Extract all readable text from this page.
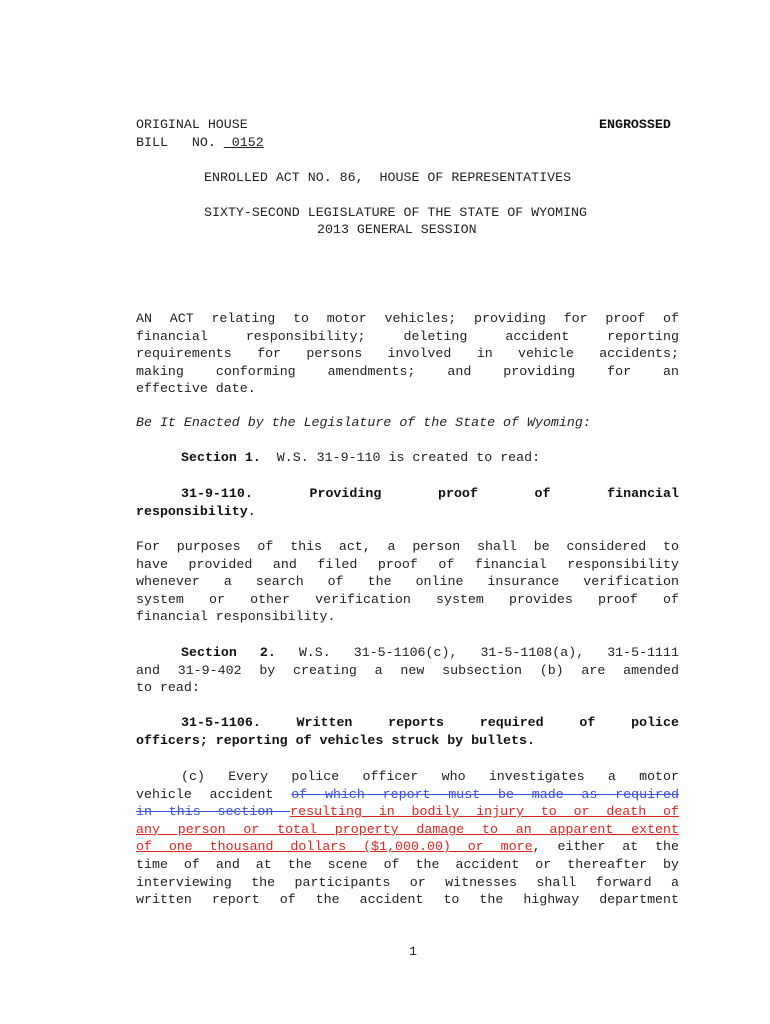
ORIGINAL HOUSE	ENGROSSED
BILL   NO.  0152
ENROLLED ACT NO. 86,  HOUSE OF REPRESENTATIVES
SIXTY-SECOND LEGISLATURE OF THE STATE OF WYOMING
2013 GENERAL SESSION
AN ACT relating to motor vehicles; providing for proof of
financial responsibility; deleting accident reporting
requirements for persons involved in vehicle accidents;
making conforming amendments; and providing for an
effective date.
Be It Enacted by the Legislature of the State of Wyoming:
Section 1. W.S. 31-9-110 is created to read:
31-9-110. Providing proof of financial
responsibility.
For purposes of this act, a person shall be considered to
have provided and filed proof of financial responsibility
whenever a search of the online insurance verification
system or other verification system provides proof of
financial responsibility.
Section 2. W.S. 31-5-1106(c), 31-5-1108(a), 31-5-1111
and 31-9-402 by creating a new subsection (b) are amended
to read:
31-5-1106. Written reports required of police
officers; reporting of vehicles struck by bullets.
(c) Every police officer who investigates a motor
vehicle accident of which report must be made as required
in this section resulting in bodily injury to or death of
any person or total property damage to an apparent extent
of one thousand dollars ($1,000.00) or more, either at the
time of and at the scene of the accident or thereafter by
interviewing the participants or witnesses shall forward a
written report of the accident to the highway department
1
